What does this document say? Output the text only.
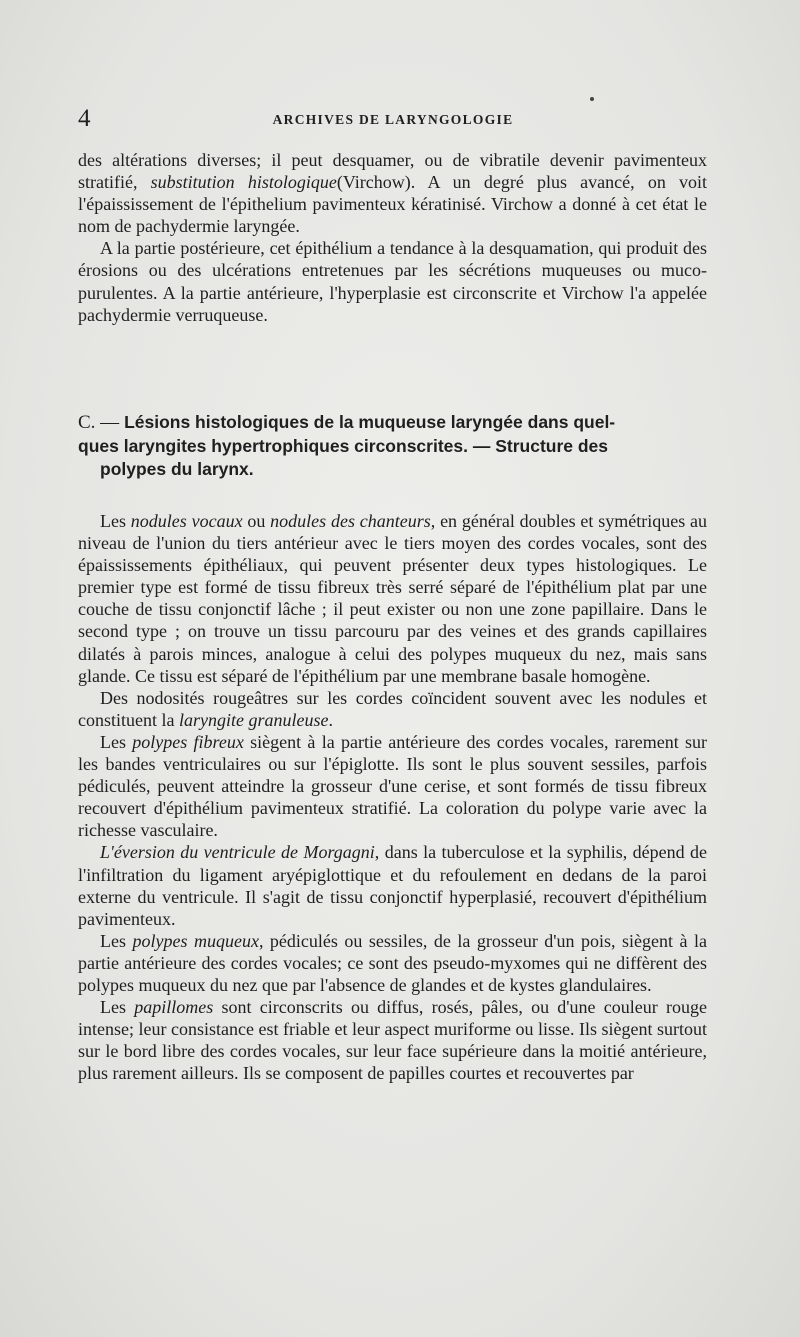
4	ARCHIVES DE LARYNGOLOGIE

des altérations diverses; il peut desquamer, ou de vibratile devenir pavimenteux stratifié, substitution histologique(Virchow). A un degré plus avancé, on voit l'épaississement de l'épithelium pavimenteux kératinisé. Virchow a donné à cet état le nom de pachydermie laryngée.

A la partie postérieure, cet épithélium a tendance à la desquamation, qui produit des érosions ou des ulcérations entretenues par les sécrétions muqueuses ou muco-purulentes. A la partie antérieure, l'hyperplasie est circonscrite et Virchow l'a appelée pachydermie verruqueuse.

C. — Lésions histologiques de la muqueuse laryngée dans quel-
ques laryngites hypertrophiques circonscrites. — Structure des
polypes du larynx.

Les nodules vocaux ou nodules des chanteurs, en général doubles et symétriques au niveau de l'union du tiers antérieur avec le tiers moyen des cordes vocales, sont des épaississements épithéliaux, qui peuvent présenter deux types histologiques. Le premier type est formé de tissu fibreux très serré séparé de l'épithélium plat par une couche de tissu conjonctif lâche ; il peut exister ou non une zone papillaire. Dans le second type ; on trouve un tissu parcouru par des veines et des grands capillaires dilatés à parois minces, analogue à celui des polypes muqueux du nez, mais sans glande. Ce tissu est séparé de l'épithélium par une membrane basale homogène.

Des nodosités rougeâtres sur les cordes coïncident souvent avec les nodules et constituent la laryngite granuleuse.

Les polypes fibreux siègent à la partie antérieure des cordes vocales, rarement sur les bandes ventriculaires ou sur l'épiglotte. Ils sont le plus souvent sessiles, parfois pédiculés, peuvent atteindre la grosseur d'une cerise, et sont formés de tissu fibreux recouvert d'épithélium pavimenteux stratifié. La coloration du polype varie avec la richesse vasculaire.

L'éversion du ventricule de Morgagni, dans la tuberculose et la syphilis, dépend de l'infiltration du ligament aryépiglottique et du refoulement en dedans de la paroi externe du ventricule. Il s'agit de tissu conjonctif hyperplasié, recouvert d'épithélium pavimenteux.

Les polypes muqueux, pédiculés ou sessiles, de la grosseur d'un pois, siègent à la partie antérieure des cordes vocales; ce sont des pseudo-myxomes qui ne diffèrent des polypes muqueux du nez que par l'absence de glandes et de kystes glandulaires.

Les papillomes sont circonscrits ou diffus, rosés, pâles, ou d'une couleur rouge intense; leur consistance est friable et leur aspect muriforme ou lisse. Ils siègent surtout sur le bord libre des cordes vocales, sur leur face supérieure dans la moitié antérieure, plus rarement ailleurs. Ils se composent de papilles courtes et recouvertes par
